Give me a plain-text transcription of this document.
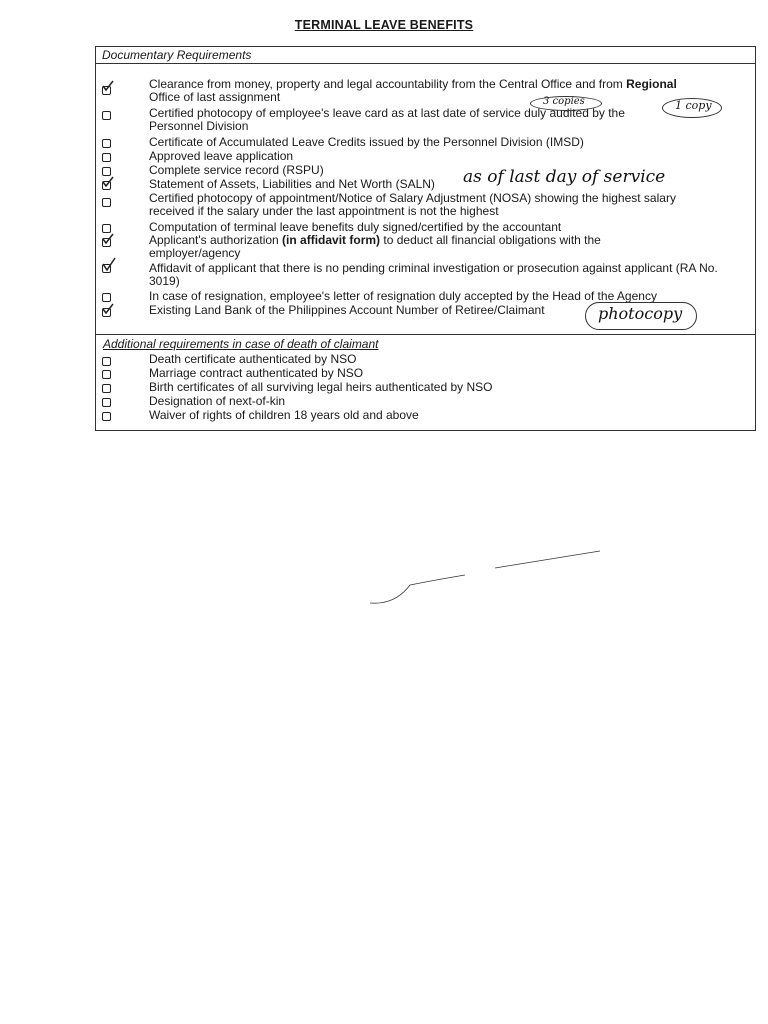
TERMINAL LEAVE BENEFITS
Documentary Requirements
Clearance from money, property and legal accountability from the Central Office and from Regional
Office of last assignment
Certified photocopy of employee's leave card as at last date of service duly audited by the
Personnel Division
Certificate of Accumulated Leave Credits issued by the Personnel Division (IMSD)
Approved leave application
Complete service record (RSPU)
Statement of Assets, Liabilities and Net Worth (SALN)
Certified photocopy of appointment/Notice of Salary Adjustment (NOSA) showing the highest salary received if the salary under the last appointment is not the highest
Computation of terminal leave benefits duly signed/certified by the accountant
Applicant's authorization (in affidavit form) to deduct all financial obligations with the
employer/agency
Affidavit of applicant that there is no pending criminal investigation or prosecution against applicant (RA No. 3019)
In case of resignation, employee's letter of resignation duly accepted by the Head of the Agency
Existing Land Bank of the Philippines Account Number of Retiree/Claimant
Additional requirements in case of death of claimant
Death certificate authenticated by NSO
Marriage contract authenticated by NSO
Birth certificates of all surviving legal heirs authenticated by NSO
Designation of next-of-kin
Waiver of rights of children 18 years old and above
3 copies	1 copy
as of last day of service
photocopy
